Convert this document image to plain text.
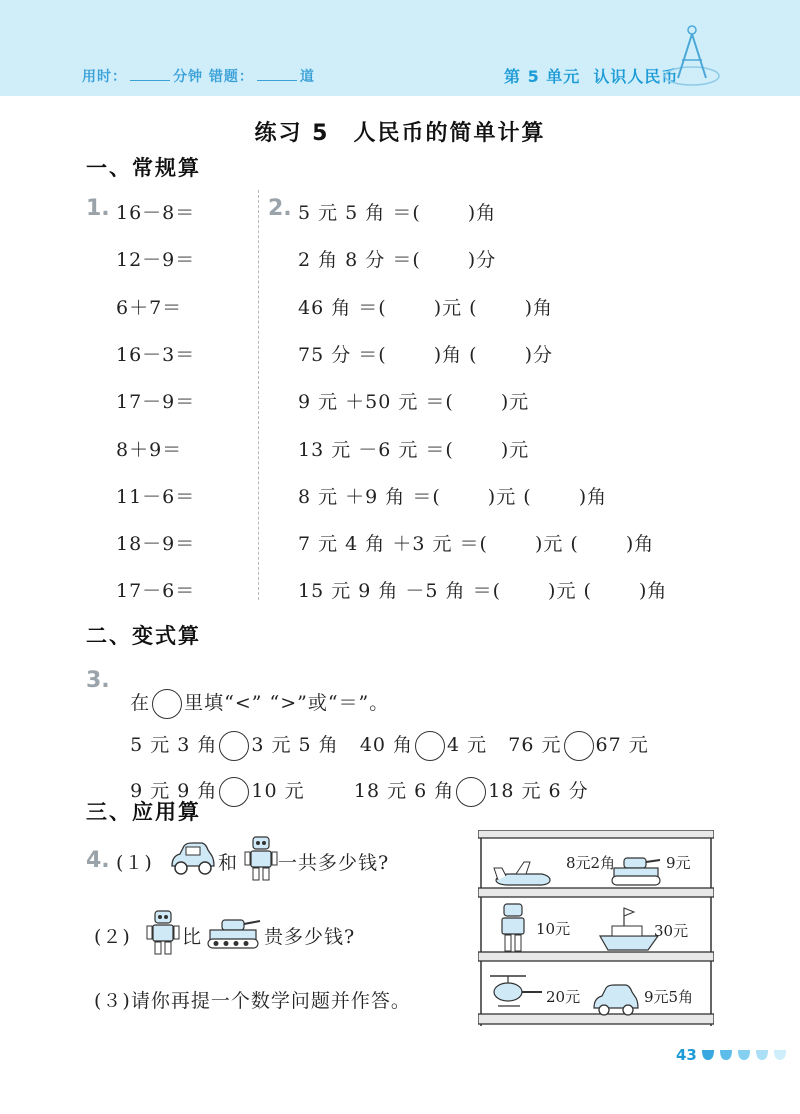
用时：	分钟 错题：	道	第 5 单元 认识人民币
练习 5　人民币的简单计算
一、常规算
1. 16－8＝
12－9＝
6＋7＝
16－3＝
17－9＝
8＋9＝
11－6＝
18－9＝
17－6＝
2. 5 元 5 角 ＝(　　 )角
2 角 8 分 ＝(　　 )分
46 角 ＝(　　 )元 (　　 )角
75 分 ＝(　　 )角 (　　 )分
9 元 ＋50 元 ＝(　　 )元
13 元 －6 元 ＝(　　 )元
8 元 ＋9 角 ＝(　　 )元 (　　 )角
7 元 4 角 ＋3 元 ＝(　　 )元 (　　 )角
15 元 9 角 －5 角 ＝(　　 )元 (　　 )角
二、变式算
3.

在 里填“<” “>”或“＝”。

5 元 3 角 3 元 5 角 40 角 4 元 76 元 67 元

9 元 9 角 10 元	18 元 6 角 18 元 6 分

三、应用算
4. (１)	和 一共多少钱?
(２)	比	贵多少钱?
(３)请你再提一个数学问题并作答。
8元2角	9元
10元	30元
20元	9元5角
43
